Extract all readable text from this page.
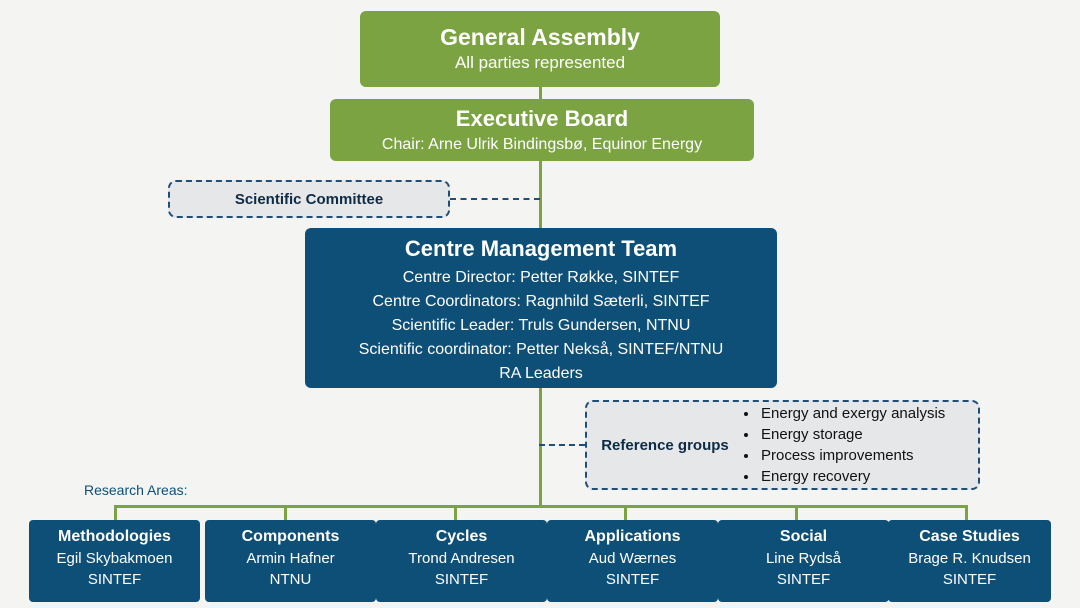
General Assembly
All parties represented
Executive Board
Chair: Arne Ulrik Bindingsbø, Equinor Energy
Scientific Committee
Centre Management Team
Centre Director: Petter Røkke, SINTEF
Centre Coordinators: Ragnhild Sæterli, SINTEF
Scientific Leader: Truls Gundersen, NTNU
Scientific coordinator: Petter Nekså, SINTEF/NTNU
RA Leaders
Reference groups
• Energy and exergy analysis
• Energy storage
• Process improvements
• Energy recovery
Research Areas:
Methodologies
Egil Skybakmoen
SINTEF
Components
Armin Hafner
NTNU
Cycles
Trond Andresen
SINTEF
Applications
Aud Wærnes
SINTEF
Social
Line Rydså
SINTEF
Case Studies
Brage R. Knudsen
SINTEF
